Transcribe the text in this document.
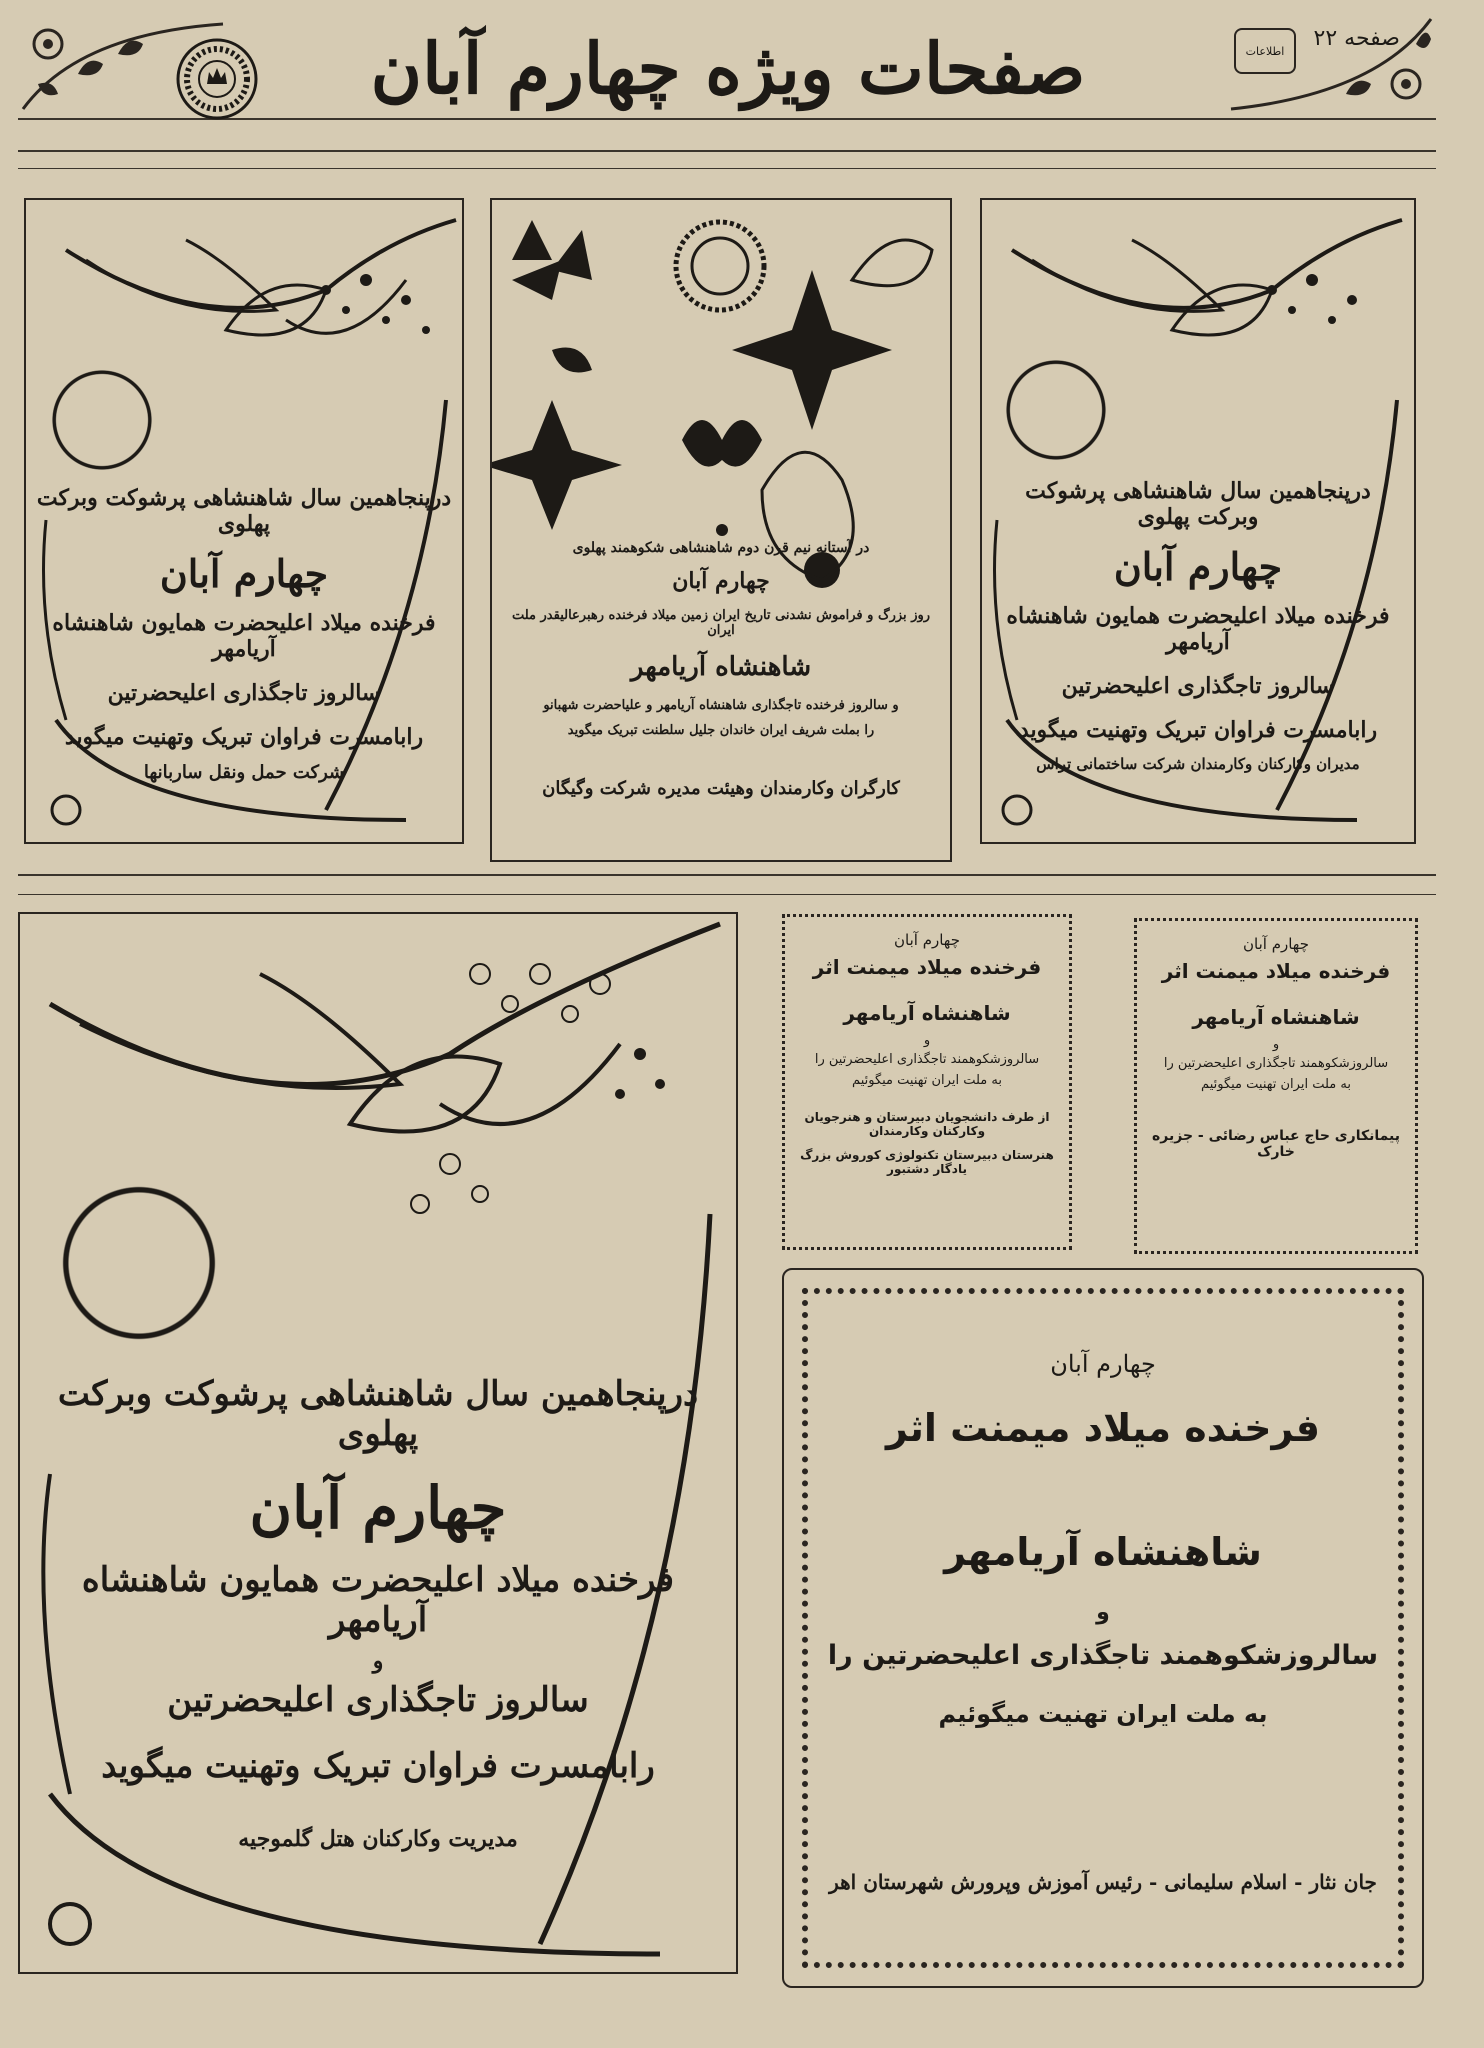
صفحات ویژه چهارم آبان	اطلاعات	صفحه ۲۲
درپنجاهمین سال شاهنشاهی پرشوکت وبرکت پهلوی
چهارم آبان
فرخنده میلاد اعلیحضرت همایون شاهنشاه آریامهر
سالروز تاجگذاری اعلیحضرتین
رابامسرت فراوان تبریک وتهنیت میگوید
شرکت حمل ونقل ساربانها
در آستانه نیم قرن دوم شاهنشاهی شکوهمند پهلوی
چهارم آبان
روز بزرگ و فراموش نشدنی تاریخ ایران زمین میلاد فرخنده رهبرعالیقدر ملت ایران
شاهنشاه آریامهر
و سالروز فرخنده تاجگذاری شاهنشاه آریامهر و علیاحضرت شهبانو
را بملت شریف ایران خاندان جلیل سلطنت تبریک میگوید
کارگران وکارمندان وهیئت مدیره شرکت وگیگان
درپنجاهمین سال شاهنشاهی پرشوکت وبرکت پهلوی
چهارم آبان
فرخنده میلاد اعلیحضرت همایون شاهنشاه آریامهر
سالروز تاجگذاری اعلیحضرتین
رابامسرت فراوان تبریک وتهنیت میگوید
مدیران وکارکنان وکارمندان شرکت ساختمانی تراس
درپنجاهمین سال شاهنشاهی پرشوکت وبرکت پهلوی
چهارم آبان
فرخنده میلاد اعلیحضرت همایون شاهنشاه آریامهر
و
سالروز تاجگذاری اعلیحضرتین
رابامسرت فراوان تبریک وتهنیت میگوید
مدیریت وکارکنان هتل گلموجیه
چهارم آبان
فرخنده میلاد میمنت اثر
شاهنشاه آریامهر
و
سالروزشکوهمند تاجگذاری اعلیحضرتین را
به ملت ایران تهنیت میگوئیم
پیمانکاری حاج عباس رضائی - جزیره خارک
چهارم آبان
فرخنده میلاد میمنت اثر
شاهنشاه آریامهر
و
سالروزشکوهمند تاجگذاری اعلیحضرتین را
به ملت ایران تهنیت میگوئیم
از طرف دانشجویان دبیرستان و هنرجویان وکارکنان وکارمندان
هنرستان دبیرستان تکنولوژی کوروش بزرگ یادگار دشتبور
چهارم آبان
فرخنده میلاد میمنت اثر
شاهنشاه آریامهر
و
سالروزشکوهمند تاجگذاری اعلیحضرتین را
به ملت ایران تهنیت میگوئیم
جان نثار - اسلام سلیمانی - رئیس آموزش وپرورش شهرستان اهر
